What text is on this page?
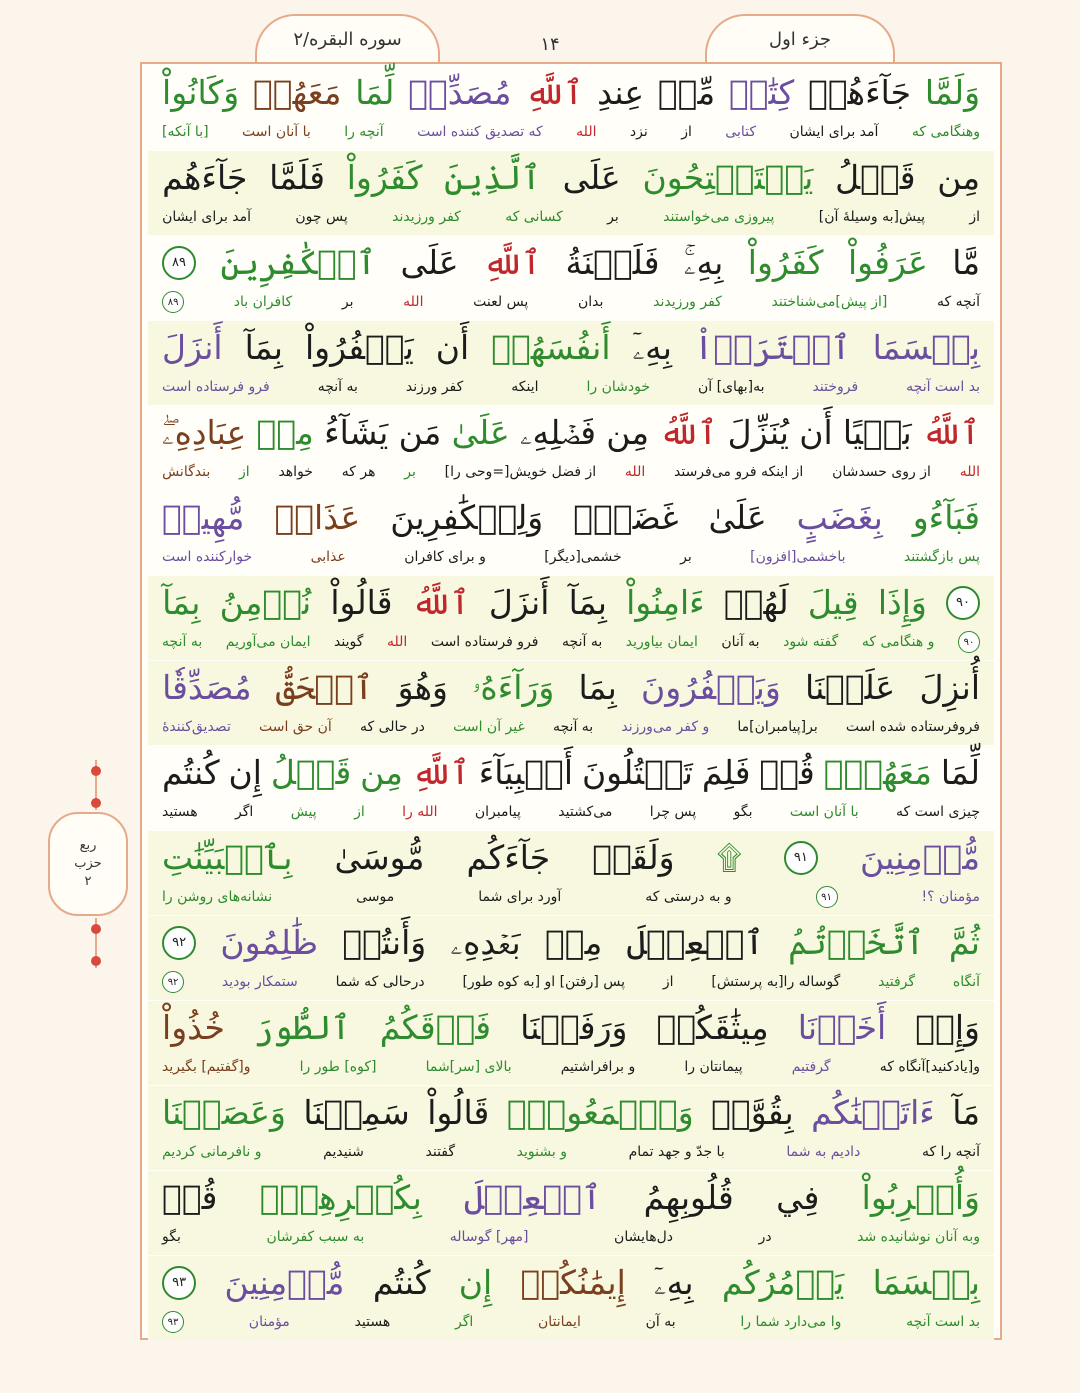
سوره البقره/۲	۱۴	جزء اول
ربع
حزب
۲
وَلَمَّا
جَآءَهُمۡ
كِتَٰبٞ
مِّنۡ
عِندِ
ٱللَّهِ
مُصَدِّقٞ
لِّمَا
مَعَهُمۡ
وَكَانُواْ
وهنگامی که
آمد برای ایشان
کتابی
از
نزد
الله
که تصدیق کننده است
آنچه را
با آنان است
[با آنکه]
مِن
قَبۡلُ
يَسۡتَفۡتِحُونَ
عَلَى
ٱلَّذِينَ
كَفَرُواْ
فَلَمَّا
جَآءَهُم
از
پیش[به وسیلهٔ آن]
پیروزی می‌خواستند
بر
کسانی که
کفر ورزیدند
پس چون
آمد برای ایشان
مَّا
عَرَفُواْ
كَفَرُواْ
بِهِۦۚ
فَلَعۡنَةُ
ٱللَّهِ
عَلَى
ٱلۡكَٰفِرِينَ
۸۹
آنچه که
[از پیش]می‌شناختند
کفر ورزیدند
بدان
پس لعنت
الله
بر
کافران باد
۸۹
بِئۡسَمَا
ٱشۡتَرَوۡاْ
بِهِۦٓ
أَنفُسَهُمۡ
أَن
يَكۡفُرُواْ
بِمَآ
أَنزَلَ
بد است آنچه
فروختند
به[بهای] آن
خودشان را
اینکه
کفر ورزند
به آنچه
فرو فرستاده است
ٱللَّهُ
بَغۡيًا
أَن
يُنَزِّلَ
ٱللَّهُ
مِن
فَضۡلِهِۦ
عَلَىٰ
مَن
يَشَآءُ
مِنۡ
عِبَادِهِۦۖ
الله
از روی حسدشان
از اینکه فرو می‌فرستد
الله
از فضل خویش[=وحی را]
بر
هر که
خواهد
از
بندگانش
فَبَآءُو
بِغَضَبٍ
عَلَىٰ
غَضَبٖۚ
وَلِلۡكَٰفِرِينَ
عَذَابٞ
مُّهِينٞ
پس بازگشتند
باخشمی[افزون]
بر
خشمی[دیگر]
و برای کافران
عذابی
خوارکننده است
۹۰
وَإِذَا
قِيلَ
لَهُمۡ
ءَامِنُواْ
بِمَآ
أَنزَلَ
ٱللَّهُ
قَالُواْ
نُؤۡمِنُ
بِمَآ
۹۰
و هنگامی که
گفته شود
به آنان
ایمان بیاورید
به آنچه
فرو فرستاده است
الله
گویند
ایمان می‌آوریم
به آنچه
أُنزِلَ
عَلَيۡنَا
وَيَكۡفُرُونَ
بِمَا
وَرَآءَهُۥ
وَهُوَ
ٱلۡحَقُّ
مُصَدِّقٗا
فروفرستاده شده است
بر[پیامبران]ما
و کفر می‌ورزند
به آنچه
غیر آن است
در حالی که
آن حق است
تصدیق‌کنندهٔ
لِّمَا
مَعَهُمۡۗ
قُلۡ
فَلِمَ
تَقۡتُلُونَ
أَنۢبِيَآءَ
ٱللَّهِ
مِن
قَبۡلُ
إِن
كُنتُم
چیزی است که
با آنان است
بگو
پس چرا
می‌کشتید
پیامبران
الله را
از
پیش
اگر
هستید
مُّؤۡمِنِينَ
۹۱
۩
وَلَقَدۡ
جَآءَكُم
مُّوسَىٰ
بِٱلۡبَيِّنَٰتِ
مؤمنان ؟!
۹۱
و به درستی که
آورد برای شما
موسی
نشانه‌های روشن را
ثُمَّ
ٱتَّخَذۡتُمُ
ٱلۡعِجۡلَ
مِنۢ
بَعۡدِهِۦ
وَأَنتُمۡ
ظَٰلِمُونَ
۹۲
آنگاه
گرفتید
گوساله را[به پرستش]
از
پس [رفتن] او [به کوه طور]
درحالی که شما
ستمکار بودید
۹۲
وَإِذۡ
أَخَذۡنَا
مِيثَٰقَكُمۡ
وَرَفَعۡنَا
فَوۡقَكُمُ
ٱلطُّورَ
خُذُواْ
و[یادکنید]آنگاه که
گرفتیم
پیمانتان را
و برافراشتیم
بالای [سر]شما
[کوه] طور را
و[گفتیم] بگیرید
مَآ
ءَاتَيۡنَٰكُم
بِقُوَّةٖ
وَٱسۡمَعُواْۖ
قَالُواْ
سَمِعۡنَا
وَعَصَيۡنَا
آنچه را که
دادیم به شما
با جدّ و جهد تمام
و بشنوید
گفتند
شنیدیم
و نافرمانی کردیم
وَأُشۡرِبُواْ
فِي
قُلُوبِهِمُ
ٱلۡعِجۡلَ
بِكُفۡرِهِمۡۚ
قُلۡ
وبه آنان نوشانیده شد
در
دل‌هایشان
[مهر] گوساله
به سبب کفرشان
بگو
بِئۡسَمَا
يَأۡمُرُكُم
بِهِۦٓ
إِيمَٰنُكُمۡ
إِن
كُنتُم
مُّؤۡمِنِينَ
۹۳
بد است آنچه
وا می‌دارد شما را
به آن
ایمانتان
اگر
هستید
مؤمنان
۹۳
